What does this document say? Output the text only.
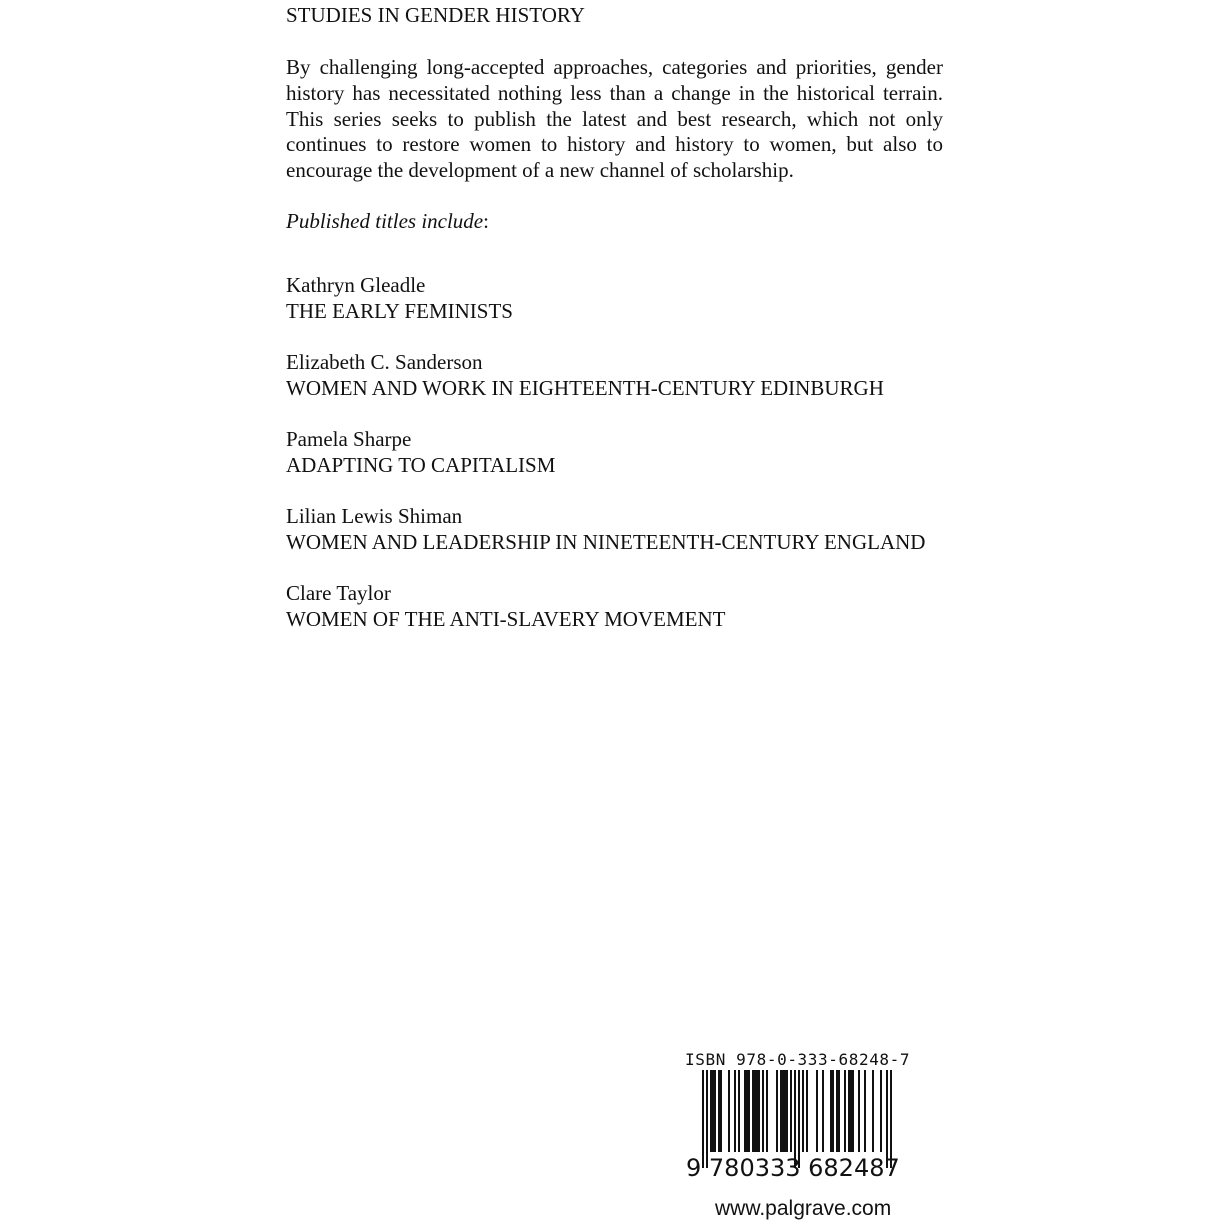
STUDIES IN GENDER HISTORY

By challenging long-accepted approaches, categories and priorities, gender history has necessitated nothing less than a change in the historical terrain. This series seeks to publish the latest and best research, which not only continues to restore women to history and history to women, but also to encourage the development of a new channel of scholarship.

Published titles include:
Kathryn Gleadle
THE EARLY FEMINISTS
Elizabeth C. Sanderson
WOMEN AND WORK IN EIGHTEENTH-CENTURY EDINBURGH
Pamela Sharpe
ADAPTING TO CAPITALISM
Lilian Lewis Shiman
WOMEN AND LEADERSHIP IN NINETEENTH-CENTURY ENGLAND
Clare Taylor
WOMEN OF THE ANTI-SLAVERY MOVEMENT
ISBN 978-0-333-68248-7
9 780333 682487
www.palgrave.com
